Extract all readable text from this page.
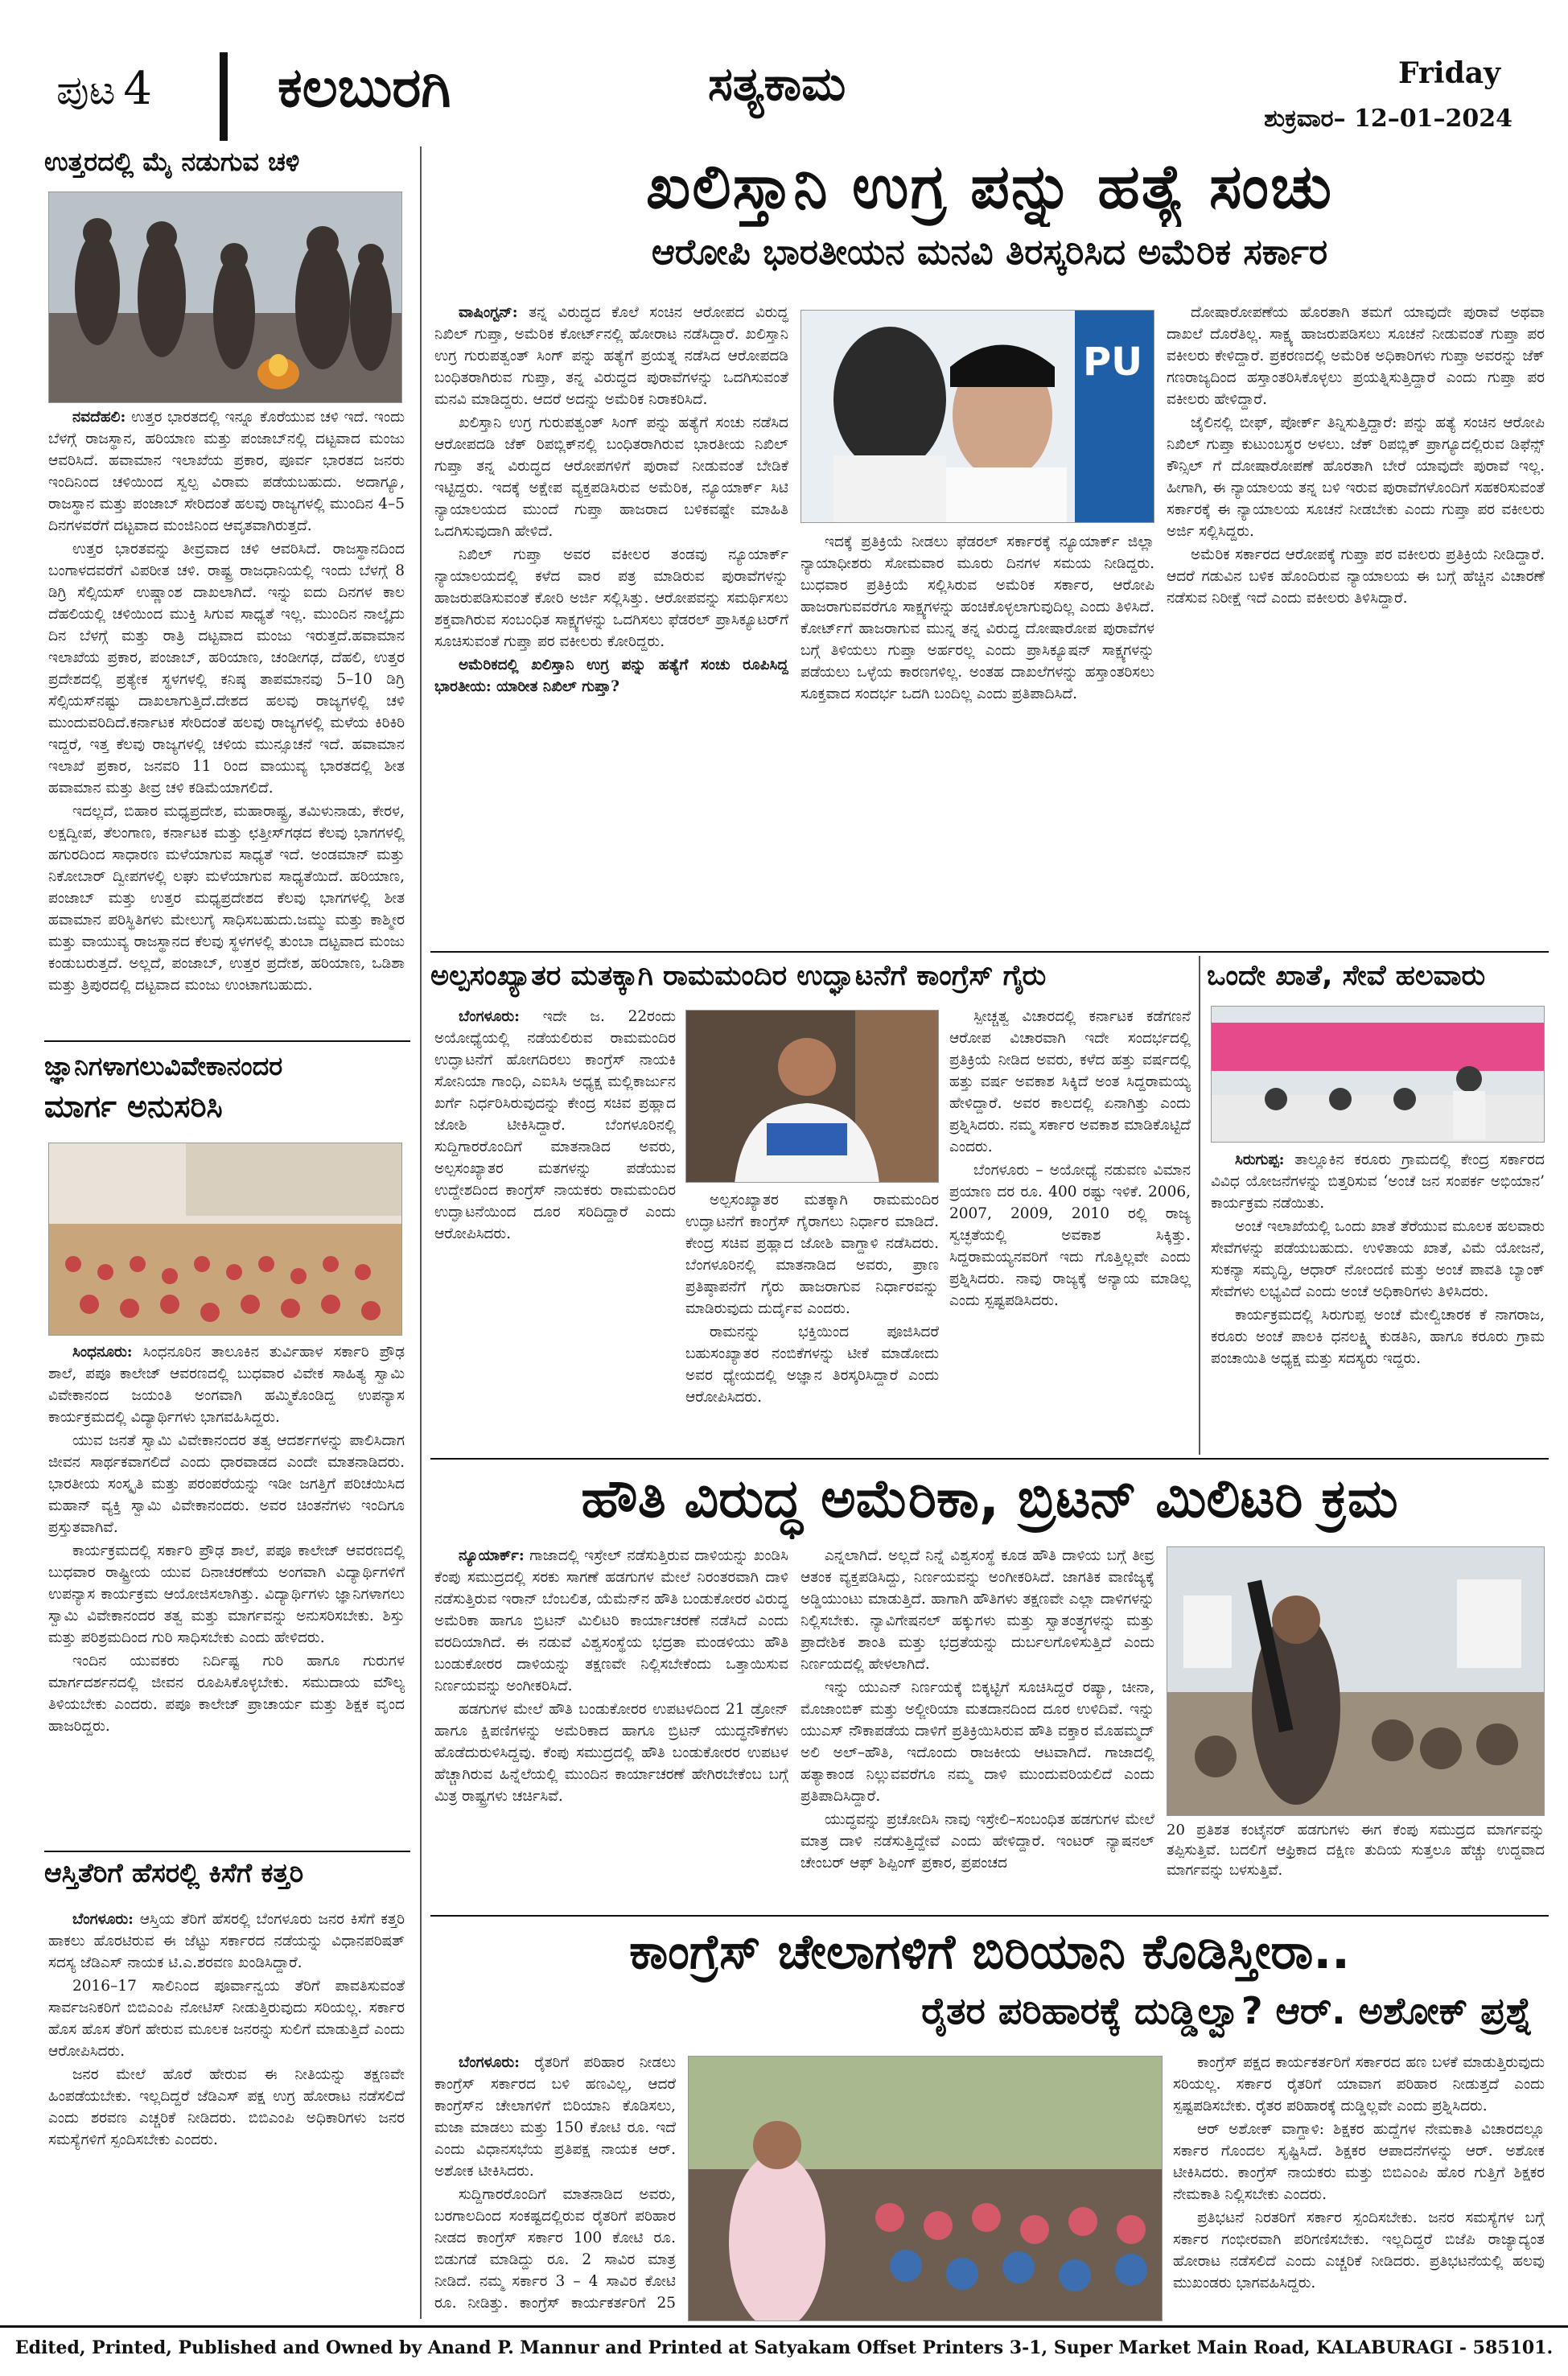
ಪುಟ 4 ಕಲಬುರಗಿ	ಸತ್ಯಕಾಮ	Friday
ಶುಕ್ರವಾರ– 12–01–2024
ಉತ್ತರದಲ್ಲಿ ಮೈ ನಡುಗುವ ಚಳಿ

ನವದೆಹಲಿ: ಉತ್ತರ ಭಾರತದಲ್ಲಿ ಇನ್ನೂ ಕೊರೆಯುವ ಚಳಿ ಇದೆ. ಇಂದು ಬೆಳಗ್ಗೆ ರಾಜಸ್ಥಾನ, ಹರಿಯಾಣ ಮತ್ತು ಪಂಜಾಬ್‌ನಲ್ಲಿ ದಟ್ಟವಾದ ಮಂಜು ಆವರಿಸಿದೆ. ಹವಾಮಾನ ಇಲಾಖೆಯ ಪ್ರಕಾರ, ಪೂರ್ವ ಭಾರತದ ಜನರು ಇಂದಿನಿಂದ ಚಳಿಯಿಂದ ಸ್ವಲ್ಪ ವಿರಾಮ ಪಡೆಯಬಹುದು. ಅದಾಗ್ಯೂ, ರಾಜಸ್ಥಾನ ಮತ್ತು ಪಂಜಾಬ್ ಸೇರಿದಂತೆ ಹಲವು ರಾಜ್ಯಗಳಲ್ಲಿ ಮುಂದಿನ 4–5 ದಿನಗಳವರೆಗೆ ದಟ್ಟವಾದ ಮಂಜಿನಿಂದ ಆವೃತವಾಗಿರುತ್ತದೆ.

ಉತ್ತರ ಭಾರತವನ್ನು ತೀವ್ರವಾದ ಚಳಿ ಆವರಿಸಿದೆ. ರಾಜಸ್ಥಾನದಿಂದ ಬಂಗಾಳದವರೆಗೆ ವಿಪರೀತ ಚಳಿ. ರಾಷ್ಟ್ರ ರಾಜಧಾನಿಯಲ್ಲಿ ಇಂದು ಬೆಳಗ್ಗೆ 8 ಡಿಗ್ರಿ ಸೆಲ್ಸಿಯಸ್ ಉಷ್ಣಾಂಶ ದಾಖಲಾಗಿದೆ. ಇನ್ನು ಐದು ದಿನಗಳ ಕಾಲ ದೆಹಲಿಯಲ್ಲಿ ಚಳಿಯಿಂದ ಮುಕ್ತಿ ಸಿಗುವ ಸಾಧ್ಯತೆ ಇಲ್ಲ. ಮುಂದಿನ ನಾಲ್ಕೈದು ದಿನ ಬೆಳಗ್ಗೆ ಮತ್ತು ರಾತ್ರಿ ದಟ್ಟವಾದ ಮಂಜು ಇರುತ್ತದೆ.ಹವಾಮಾನ ಇಲಾಖೆಯ ಪ್ರಕಾರ, ಪಂಜಾಬ್, ಹರಿಯಾಣ, ಚಂಡೀಗಢ, ದೆಹಲಿ, ಉತ್ತರ ಪ್ರದೇಶದಲ್ಲಿ ಪ್ರತ್ಯೇಕ ಸ್ಥಳಗಳಲ್ಲಿ ಕನಿಷ್ಠ ತಾಪಮಾನವು 5–10 ಡಿಗ್ರಿ ಸೆಲ್ಸಿಯಸ್‌ನಷ್ಟು ದಾಖಲಾಗುತ್ತಿದೆ.ದೇಶದ ಹಲವು ರಾಜ್ಯಗಳಲ್ಲಿ ಚಳಿ ಮುಂದುವರಿದಿದೆ.ಕರ್ನಾಟಕ ಸೇರಿದಂತೆ ಹಲವು ರಾಜ್ಯಗಳಲ್ಲಿ ಮಳೆಯ ಕಿರಿಕಿರಿ ಇದ್ದರೆ, ಇತ್ತ ಕೆಲವು ರಾಜ್ಯಗಳಲ್ಲಿ ಚಳಿಯ ಮುನ್ಸೂಚನೆ ಇದೆ. ಹವಾಮಾನ ಇಲಾಖೆ ಪ್ರಕಾರ, ಜನವರಿ 11 ರಿಂದ ವಾಯುವ್ಯ ಭಾರತದಲ್ಲಿ ಶೀತ ಹವಾಮಾನ ಮತ್ತು ತೀವ್ರ ಚಳಿ ಕಡಿಮೆಯಾಗಲಿದೆ.

ಇದಲ್ಲದೆ, ಬಿಹಾರ ಮಧ್ಯಪ್ರದೇಶ, ಮಹಾರಾಷ್ಟ್ರ, ತಮಿಳುನಾಡು, ಕೇರಳ, ಲಕ್ಷದ್ವೀಪ, ತೆಲಂಗಾಣ, ಕರ್ನಾಟಕ ಮತ್ತು ಛತ್ತೀಸ್‌ಗಢದ ಕೆಲವು ಭಾಗಗಳಲ್ಲಿ ಹಗುರದಿಂದ ಸಾಧಾರಣ ಮಳೆಯಾಗುವ ಸಾಧ್ಯತೆ ಇದೆ. ಅಂಡಮಾನ್ ಮತ್ತು ನಿಕೋಬಾರ್ ದ್ವೀಪಗಳಲ್ಲಿ ಲಘು ಮಳೆಯಾಗುವ ಸಾಧ್ಯತೆಯಿದೆ. ಹರಿಯಾಣ, ಪಂಜಾಬ್ ಮತ್ತು ಉತ್ತರ ಮಧ್ಯಪ್ರದೇಶದ ಕೆಲವು ಭಾಗಗಳಲ್ಲಿ ಶೀತ ಹವಾಮಾನ ಪರಿಸ್ಥಿತಿಗಳು ಮೇಲುಗೈ ಸಾಧಿಸಬಹುದು.ಜಮ್ಮು ಮತ್ತು ಕಾಶ್ಮೀರ ಮತ್ತು ವಾಯುವ್ಯ ರಾಜಸ್ಥಾನದ ಕೆಲವು ಸ್ಥಳಗಳಲ್ಲಿ ತುಂಬಾ ದಟ್ಟವಾದ ಮಂಜು ಕಂಡುಬರುತ್ತದೆ. ಅಲ್ಲದೆ, ಪಂಜಾಬ್, ಉತ್ತರ ಪ್ರದೇಶ, ಹರಿಯಾಣ, ಒಡಿಶಾ ಮತ್ತು ತ್ರಿಪುರದಲ್ಲಿ ದಟ್ಟವಾದ ಮಂಜು ಉಂಟಾಗಬಹುದು.

ಜ್ಞಾನಿಗಳಾಗಲುವಿವೇಕಾನಂದರ
ಮಾರ್ಗ ಅನುಸರಿಸಿ

ಸಿಂಧನೂರು: ಸಿಂಧನೂರಿನ ತಾಲೂಕಿನ ತುರ್ವಿಹಾಳ ಸರ್ಕಾರಿ ಪ್ರೌಢ ಶಾಲೆ, ಪಪೂ ಕಾಲೇಜ್ ಆವರಣದಲ್ಲಿ ಬುಧವಾರ ವಿವೇಕ ಸಾಹಿತ್ಯ ಸ್ವಾಮಿ ವಿವೇಕಾನಂದ ಜಯಂತಿ ಅಂಗವಾಗಿ ಹಮ್ಮಿಕೊಂಡಿದ್ದ ಉಪನ್ಯಾಸ ಕಾರ್ಯಕ್ರಮದಲ್ಲಿ ವಿದ್ಯಾರ್ಥಿಗಳು ಭಾಗವಹಿಸಿದ್ದರು.

ಯುವ ಜನತೆ ಸ್ವಾಮಿ ವಿವೇಕಾನಂದರ ತತ್ವ ಆದರ್ಶಗಳನ್ನು ಪಾಲಿಸಿದಾಗ ಜೀವನ ಸಾರ್ಥಕವಾಗಲಿದೆ ಎಂದು ಧಾರವಾಡದ ಎಂದೇ ಮಾತನಾಡಿದರು. ಭಾರತೀಯ ಸಂಸ್ಕೃತಿ ಮತ್ತು ಪರಂಪರೆಯನ್ನು ಇಡೀ ಜಗತ್ತಿಗೆ ಪರಿಚಯಿಸಿದ ಮಹಾನ್ ವ್ಯಕ್ತಿ ಸ್ವಾಮಿ ವಿವೇಕಾನಂದರು. ಅವರ ಚಿಂತನೆಗಳು ಇಂದಿಗೂ ಪ್ರಸ್ತುತವಾಗಿವೆ.

ಕಾರ್ಯಕ್ರಮದಲ್ಲಿ ಸರ್ಕಾರಿ ಪ್ರೌಢ ಶಾಲೆ, ಪಪೂ ಕಾಲೇಜ್ ಆವರಣದಲ್ಲಿ ಬುಧವಾರ ರಾಷ್ಟ್ರೀಯ ಯುವ ದಿನಾಚರಣೆಯ ಅಂಗವಾಗಿ ವಿದ್ಯಾರ್ಥಿಗಳಿಗೆ ಉಪನ್ಯಾಸ ಕಾರ್ಯಕ್ರಮ ಆಯೋಜಿಸಲಾಗಿತ್ತು. ವಿದ್ಯಾರ್ಥಿಗಳು ಜ್ಞಾನಿಗಳಾಗಲು ಸ್ವಾಮಿ ವಿವೇಕಾನಂದರ ತತ್ವ ಮತ್ತು ಮಾರ್ಗವನ್ನು ಅನುಸರಿಸಬೇಕು. ಶಿಸ್ತು ಮತ್ತು ಪರಿಶ್ರಮದಿಂದ ಗುರಿ ಸಾಧಿಸಬೇಕು ಎಂದು ಹೇಳಿದರು.

ಇಂದಿನ ಯುವಕರು ನಿರ್ದಿಷ್ಟ ಗುರಿ ಹಾಗೂ ಗುರುಗಳ ಮಾರ್ಗದರ್ಶನದಲ್ಲಿ ಜೀವನ ರೂಪಿಸಿಕೊಳ್ಳಬೇಕು. ಸಮುದಾಯ ಮೌಲ್ಯ ತಿಳಿಯಬೇಕು ಎಂದರು. ಪಪೂ ಕಾಲೇಜ್ ಪ್ರಾಚಾರ್ಯ ಮತ್ತು ಶಿಕ್ಷಕ ವೃಂದ ಹಾಜರಿದ್ದರು.

ಆಸ್ತಿತೆರಿಗೆ ಹೆಸರಲ್ಲಿ ಕಿಸೆಗೆ ಕತ್ತರಿ

ಬೆಂಗಳೂರು: ಆಸ್ತಿಯ ತೆರಿಗೆ ಹೆಸರಲ್ಲಿ ಬೆಂಗಳೂರು ಜನರ ಕಿಸೆಗೆ ಕತ್ತರಿ ಹಾಕಲು ಹೊರಟಿರುವ ಈ ಜೆಟ್ಟು ಸರ್ಕಾರದ ನಡೆಯನ್ನು ವಿಧಾನಪರಿಷತ್ ಸದಸ್ಯ ಜೆಡಿಎಸ್ ನಾಯಕ ಟಿ.ಎ.ಶರವಣ ಖಂಡಿಸಿದ್ದಾರೆ.

2016–17 ಸಾಲಿನಿಂದ ಪೂರ್ವಾನ್ವಯ ತೆರಿಗೆ ಪಾವತಿಸುವಂತೆ ಸಾರ್ವಜನಿಕರಿಗೆ ಬಿಬಿಎಂಪಿ ನೋಟಿಸ್ ನೀಡುತ್ತಿರುವುದು ಸರಿಯಲ್ಲ. ಸರ್ಕಾರ ಹೊಸ ಹೊಸ ತೆರಿಗೆ ಹೇರುವ ಮೂಲಕ ಜನರನ್ನು ಸುಲಿಗೆ ಮಾಡುತ್ತಿದೆ ಎಂದು ಆರೋಪಿಸಿದರು.

ಜನರ ಮೇಲೆ ಹೊರೆ ಹೇರುವ ಈ ನೀತಿಯನ್ನು ತಕ್ಷಣವೇ ಹಿಂಪಡೆಯಬೇಕು. ಇಲ್ಲದಿದ್ದರೆ ಜೆಡಿಎಸ್ ಪಕ್ಷ ಉಗ್ರ ಹೋರಾಟ ನಡೆಸಲಿದೆ ಎಂದು ಶರವಣ ಎಚ್ಚರಿಕೆ ನೀಡಿದರು. ಬಿಬಿಎಂಪಿ ಅಧಿಕಾರಿಗಳು ಜನರ ಸಮಸ್ಯೆಗಳಿಗೆ ಸ್ಪಂದಿಸಬೇಕು ಎಂದರು.

ಖಲಿಸ್ತಾನಿ ಉಗ್ರ ಪನ್ನು ಹತ್ಯೆ ಸಂಚು
ಆರೋಪಿ ಭಾರತೀಯನ ಮನವಿ ತಿರಸ್ಕರಿಸಿದ ಅಮೆರಿಕ ಸರ್ಕಾರ

ವಾಷಿಂಗ್ಟನ್: ತನ್ನ ವಿರುದ್ಧದ ಕೊಲೆ ಸಂಚಿನ ಆರೋಪದ ವಿರುದ್ಧ ನಿಖಿಲ್ ಗುಪ್ತಾ, ಅಮೆರಿಕ ಕೋರ್ಟ್‌ನಲ್ಲಿ ಹೋರಾಟ ನಡೆಸಿದ್ದಾರೆ. ಖಲಿಸ್ತಾನಿ ಉಗ್ರ ಗುರುಪತ್ವಂತ್ ಸಿಂಗ್ ಪನ್ನು ಹತ್ಯೆಗೆ ಪ್ರಯತ್ನ ನಡೆಸಿದ ಆರೋಪದಡಿ ಬಂಧಿತರಾಗಿರುವ ಗುಪ್ತಾ, ತನ್ನ ವಿರುದ್ಧದ ಪುರಾವೆಗಳನ್ನು ಒದಗಿಸುವಂತೆ ಮನವಿ ಮಾಡಿದ್ದರು. ಆದರೆ ಅದನ್ನು ಅಮೆರಿಕ ನಿರಾಕರಿಸಿದೆ.

ಖಲಿಸ್ತಾನಿ ಉಗ್ರ ಗುರುಪತ್ವಂತ್ ಸಿಂಗ್ ಪನ್ನು ಹತ್ಯೆಗೆ ಸಂಚು ನಡೆಸಿದ ಆರೋಪದಡಿ ಜೆಕ್ ರಿಪಬ್ಲಿಕ್‌ನಲ್ಲಿ ಬಂಧಿತರಾಗಿರುವ ಭಾರತೀಯ ನಿಖಿಲ್ ಗುಪ್ತಾ ತನ್ನ ವಿರುದ್ಧದ ಆರೋಪಗಳಿಗೆ ಪುರಾವೆ ನೀಡುವಂತೆ ಬೇಡಿಕೆ ಇಟ್ಟಿದ್ದರು. ಇದಕ್ಕೆ ಅಕ್ಷೇಪ ವ್ಯಕ್ತಪಡಿಸಿರುವ ಅಮೆರಿಕ, ನ್ಯೂಯಾರ್ಕ್ ಸಿಟಿ ನ್ಯಾಯಾಲಯದ ಮುಂದೆ ಗುಪ್ತಾ ಹಾಜರಾದ ಬಳಿಕವಷ್ಟೇ ಮಾಹಿತಿ ಒದಗಿಸುವುದಾಗಿ ಹೇಳಿದೆ.

ನಿಖಿಲ್ ಗುಪ್ತಾ ಅವರ ವಕೀಲರ ತಂಡವು ನ್ಯೂಯಾರ್ಕ್ ನ್ಯಾಯಾಲಯದಲ್ಲಿ ಕಳೆದ ವಾರ ಪತ್ರ ಮಾಡಿರುವ ಪುರಾವೆಗಳನ್ನು ಹಾಜರುಪಡಿಸುವಂತೆ ಕೋರಿ ಅರ್ಜಿ ಸಲ್ಲಿಸಿತ್ತು. ಆರೋಪವನ್ನು ಸಮರ್ಥಿಸಲು ಶಕ್ತವಾಗಿರುವ ಸಂಬಂಧಿತ ಸಾಕ್ಷ್ಯಗಳನ್ನು ಒದಗಿಸಲು ಫೆಡರಲ್ ಪ್ರಾಸಿಕ್ಯೂಟರ್‌ಗೆ ಸೂಚಿಸುವಂತೆ ಗುಪ್ತಾ ಪರ ವಕೀಲರು ಕೋರಿದ್ದರು.

ಅಮೆರಿಕದಲ್ಲಿ ಖಲಿಸ್ತಾನಿ ಉಗ್ರ ಪನ್ನು ಹತ್ಯೆಗೆ ಸಂಚು ರೂಪಿಸಿದ್ದ ಭಾರತೀಯ: ಯಾರೀತ ನಿಖಿಲ್ ಗುಪ್ತಾ?

PU

ಇದಕ್ಕೆ ಪ್ರತಿಕ್ರಿಯೆ ನೀಡಲು ಫೆಡರಲ್ ಸರ್ಕಾರಕ್ಕೆ ನ್ಯೂಯಾರ್ಕ್ ಜಿಲ್ಲಾ ನ್ಯಾಯಾಧೀಶರು ಸೋಮವಾರ ಮೂರು ದಿನಗಳ ಸಮಯ ನೀಡಿದ್ದರು. ಬುಧವಾರ ಪ್ರತಿಕ್ರಿಯೆ ಸಲ್ಲಿಸಿರುವ ಅಮೆರಿಕ ಸರ್ಕಾರ, ಆರೋಪಿ ಹಾಜರಾಗುವವರೆಗೂ ಸಾಕ್ಷ್ಯಗಳನ್ನು ಹಂಚಿಕೊಳ್ಳಲಾಗುವುದಿಲ್ಲ ಎಂದು ತಿಳಿಸಿದೆ. ಕೋರ್ಟ್‌ಗೆ ಹಾಜರಾಗುವ ಮುನ್ನ ತನ್ನ ವಿರುದ್ಧ ದೋಷಾರೋಪ ಪುರಾವೆಗಳ ಬಗ್ಗೆ ತಿಳಿಯಲು ಗುಪ್ತಾ ಅರ್ಹರಲ್ಲ ಎಂದು ಪ್ರಾಸಿಕ್ಯೂಷನ್ ಸಾಕ್ಷ್ಯಗಳನ್ನು ಪಡೆಯಲು ಒಳ್ಳೆಯ ಕಾರಣಗಳಿಲ್ಲ. ಅಂತಹ ದಾಖಲೆಗಳನ್ನು ಹಸ್ತಾಂತರಿಸಲು ಸೂಕ್ತವಾದ ಸಂದರ್ಭ ಒದಗಿ ಬಂದಿಲ್ಲ ಎಂದು ಪ್ರತಿಪಾದಿಸಿದೆ.

ದೋಷಾರೋಪಣೆಯ ಹೊರತಾಗಿ ತಮಗೆ ಯಾವುದೇ ಪುರಾವೆ ಅಥವಾ ದಾಖಲೆ ದೊರೆತಿಲ್ಲ. ಸಾಕ್ಷ್ಯ ಹಾಜರುಪಡಿಸಲು ಸೂಚನೆ ನೀಡುವಂತೆ ಗುಪ್ತಾ ಪರ ವಕೀಲರು ಕೇಳಿದ್ದಾರೆ. ಪ್ರಕರಣದಲ್ಲಿ ಅಮೆರಿಕ ಅಧಿಕಾರಿಗಳು ಗುಪ್ತಾ ಅವರನ್ನು ಜೆಕ್ ಗಣರಾಜ್ಯದಿಂದ ಹಸ್ತಾಂತರಿಸಿಕೊಳ್ಳಲು ಪ್ರಯತ್ನಿಸುತ್ತಿದ್ದಾರೆ ಎಂದು ಗುಪ್ತಾ ಪರ ವಕೀಲರು ಹೇಳಿದ್ದಾರೆ.

ಜೈಲಿನಲ್ಲಿ ಬೀಫ್, ಪೋರ್ಕ್ ತಿನ್ನಿಸುತ್ತಿದ್ದಾರೆ: ಪನ್ನು ಹತ್ಯೆ ಸಂಚಿನ ಆರೋಪಿ ನಿಖಿಲ್ ಗುಪ್ತಾ ಕುಟುಂಬಸ್ಥರ ಅಳಲು. ಜೆಕ್ ರಿಪಬ್ಲಿಕ್ ಪ್ರಾಗ್ಯೂದಲ್ಲಿರುವ ಡಿಫೆನ್ಸ್ ಕೌನ್ಸಿಲ್ ಗೆ ದೋಷಾರೋಪಣೆ ಹೊರತಾಗಿ ಬೇರೆ ಯಾವುದೇ ಪುರಾವೆ ಇಲ್ಲ. ಹೀಗಾಗಿ, ಈ ನ್ಯಾಯಾಲಯ ತನ್ನ ಬಳಿ ಇರುವ ಪುರಾವೆಗಳೊಂದಿಗೆ ಸಹಕರಿಸುವಂತೆ ಸರ್ಕಾರಕ್ಕೆ ಈ ನ್ಯಾಯಾಲಯ ಸೂಚನೆ ನೀಡಬೇಕು ಎಂದು ಗುಪ್ತಾ ಪರ ವಕೀಲರು ಅರ್ಜಿ ಸಲ್ಲಿಸಿದ್ದರು.

ಅಮೆರಿಕ ಸರ್ಕಾರದ ಆರೋಪಕ್ಕೆ ಗುಪ್ತಾ ಪರ ವಕೀಲರು ಪ್ರತಿಕ್ರಿಯೆ ನೀಡಿದ್ದಾರೆ. ಆದರೆ ಗಡುವಿನ ಬಳಿಕ ಹೊಂದಿರುವ ನ್ಯಾಯಾಲಯ ಈ ಬಗ್ಗೆ ಹೆಚ್ಚಿನ ವಿಚಾರಣೆ ನಡೆಸುವ ನಿರೀಕ್ಷೆ ಇದೆ ಎಂದು ವಕೀಲರು ತಿಳಿಸಿದ್ದಾರೆ.

ಅಲ್ಪಸಂಖ್ಯಾತರ ಮತಕ್ಕಾಗಿ ರಾಮಮಂದಿರ ಉದ್ಘಾಟನೆಗೆ ಕಾಂಗ್ರೆಸ್ ಗೈರು

ಬೆಂಗಳೂರು: ಇದೇ ಜ. 22ರಂದು ಅಯೋಧ್ಯೆಯಲ್ಲಿ ನಡೆಯಲಿರುವ ರಾಮಮಂದಿರ ಉದ್ಘಾಟನೆಗೆ ಹೋಗದಿರಲು ಕಾಂಗ್ರೆಸ್ ನಾಯಕಿ ಸೋನಿಯಾ ಗಾಂಧಿ, ಎಐಸಿಸಿ ಅಧ್ಯಕ್ಷ ಮಲ್ಲಿಕಾರ್ಜುನ ಖರ್ಗೆ ನಿರ್ಧರಿಸಿರುವುದನ್ನು ಕೇಂದ್ರ ಸಚಿವ ಪ್ರಹ್ಲಾದ ಜೋಶಿ ಟೀಕಿಸಿದ್ದಾರೆ. ಬೆಂಗಳೂರಿನಲ್ಲಿ ಸುದ್ದಿಗಾರರೊಂದಿಗೆ ಮಾತನಾಡಿದ ಅವರು, ಅಲ್ಪಸಂಖ್ಯಾತರ ಮತಗಳನ್ನು ಪಡೆಯುವ ಉದ್ದೇಶದಿಂದ ಕಾಂಗ್ರೆಸ್ ನಾಯಕರು ರಾಮಮಂದಿರ ಉದ್ಘಾಟನೆಯಿಂದ ದೂರ ಸರಿದಿದ್ದಾರೆ ಎಂದು ಆರೋಪಿಸಿದರು.

ಅಲ್ಪಸಂಖ್ಯಾತರ ಮತಕ್ಕಾಗಿ ರಾಮಮಂದಿರ ಉದ್ಘಾಟನೆಗೆ ಕಾಂಗ್ರೆಸ್ ಗೈರಾಗಲು ನಿರ್ಧಾರ ಮಾಡಿದೆ. ಕೇಂದ್ರ ಸಚಿವ ಪ್ರಹ್ಲಾದ ಜೋಶಿ ವಾಗ್ದಾಳಿ ನಡೆಸಿದರು. ಬೆಂಗಳೂರಿನಲ್ಲಿ ಮಾತನಾಡಿದ ಅವರು, ಪ್ರಾಣ ಪ್ರತಿಷ್ಠಾಪನೆಗೆ ಗೈರು ಹಾಜರಾಗುವ ನಿರ್ಧಾರವನ್ನು ಮಾಡಿರುವುದು ದುರ್ದೈವ ಎಂದರು.

ರಾಮನನ್ನು ಭಕ್ತಿಯಿಂದ ಪೂಜಿಸಿದರೆ ಬಹುಸಂಖ್ಯಾತರ ನಂಬಿಕೆಗಳನ್ನು ಟೀಕೆ ಮಾಡೋದು ಅವರ ಧ್ಯೇಯದಲ್ಲಿ ಅಜ್ಞಾನ ತಿರಸ್ಕರಿಸಿದ್ದಾರೆ ಎಂದು ಆರೋಪಿಸಿದರು.

ಸ್ಪೀಚ್ಚತ್ವ ವಿಚಾರದಲ್ಲಿ ಕರ್ನಾಟಕ ಕಡೆಗಣನೆ ಆರೋಪ ವಿಚಾರವಾಗಿ ಇದೇ ಸಂದರ್ಭದಲ್ಲಿ ಪ್ರತಿಕ್ರಿಯೆ ನೀಡಿದ ಅವರು, ಕಳೆದ ಹತ್ತು ವರ್ಷದಲ್ಲಿ ಹತ್ತು ವರ್ಷ ಅವಕಾಶ ಸಿಕ್ಕಿದೆ ಅಂತ ಸಿದ್ದರಾಮಯ್ಯ ಹೇಳಿದ್ದಾರೆ. ಅವರ ಕಾಲದಲ್ಲಿ ಏನಾಗಿತ್ತು ಎಂದು ಪ್ರಶ್ನಿಸಿದರು. ನಮ್ಮ ಸರ್ಕಾರ ಅವಕಾಶ ಮಾಡಿಕೊಟ್ಟಿದೆ ಎಂದರು.

ಬೆಂಗಳೂರು – ಅಯೋಧ್ಯೆ ನಡುವಣ ವಿಮಾನ ಪ್ರಯಾಣ ದರ ರೂ. 400 ರಷ್ಟು ಇಳಿಕೆ. 2006, 2007, 2009, 2010 ರಲ್ಲಿ ರಾಜ್ಯ ಸ್ವಚ್ಛತೆಯಲ್ಲಿ ಅವಕಾಶ ಸಿಕ್ಕಿತ್ತು. ಸಿದ್ದರಾಮಯ್ಯನವರಿಗೆ ಇದು ಗೊತ್ತಿಲ್ಲವೇ ಎಂದು ಪ್ರಶ್ನಿಸಿದರು. ನಾವು ರಾಜ್ಯಕ್ಕೆ ಅನ್ಯಾಯ ಮಾಡಿಲ್ಲ ಎಂದು ಸ್ಪಷ್ಟಪಡಿಸಿದರು.

ಒಂದೇ ಖಾತೆ, ಸೇವೆ ಹಲವಾರು

ಸಿರುಗುಪ್ಪ: ತಾಲ್ಲೂಕಿನ ಕರೂರು ಗ್ರಾಮದಲ್ಲಿ ಕೇಂದ್ರ ಸರ್ಕಾರದ ವಿವಿಧ ಯೋಜನೆಗಳನ್ನು ಬಿತ್ತರಿಸುವ ‘ಅಂಚೆ ಜನ ಸಂಪರ್ಕ ಅಭಿಯಾನ’ ಕಾರ್ಯಕ್ರಮ ನಡೆಯಿತು.

ಅಂಚೆ ಇಲಾಖೆಯಲ್ಲಿ ಒಂದು ಖಾತೆ ತೆರೆಯುವ ಮೂಲಕ ಹಲವಾರು ಸೇವೆಗಳನ್ನು ಪಡೆಯಬಹುದು. ಉಳಿತಾಯ ಖಾತೆ, ವಿಮೆ ಯೋಜನೆ, ಸುಕನ್ಯಾ ಸಮೃದ್ಧಿ, ಆಧಾರ್ ನೋಂದಣಿ ಮತ್ತು ಅಂಚೆ ಪಾವತಿ ಬ್ಯಾಂಕ್ ಸೇವೆಗಳು ಲಭ್ಯವಿದೆ ಎಂದು ಅಂಚೆ ಅಧಿಕಾರಿಗಳು ತಿಳಿಸಿದರು.

ಕಾರ್ಯಕ್ರಮದಲ್ಲಿ ಸಿರುಗುಪ್ಪ ಅಂಚೆ ಮೇಲ್ವಿಚಾರಕ ಕೆ ನಾಗರಾಜ, ಕರೂರು ಅಂಚೆ ಪಾಲಕಿ ಧನಲಕ್ಷ್ಮಿ ಕುಡತಿನಿ, ಹಾಗೂ ಕರೂರು ಗ್ರಾಮ ಪಂಚಾಯಿತಿ ಅಧ್ಯಕ್ಷ ಮತ್ತು ಸದಸ್ಯರು ಇದ್ದರು.

ಹೌತಿ ವಿರುದ್ಧ ಅಮೆರಿಕಾ, ಬ್ರಿಟನ್ ಮಿಲಿಟರಿ ಕ್ರಮ

ನ್ಯೂಯಾರ್ಕ್: ಗಾಜಾದಲ್ಲಿ ಇಸ್ರೇಲ್ ನಡೆಸುತ್ತಿರುವ ದಾಳಿಯನ್ನು ಖಂಡಿಸಿ ಕೆಂಪು ಸಮುದ್ರದಲ್ಲಿ ಸರಕು ಸಾಗಣೆ ಹಡಗುಗಳ ಮೇಲೆ ನಿರಂತರವಾಗಿ ದಾಳಿ ನಡೆಸುತ್ತಿರುವ ಇರಾನ್ ಬೆಂಬಲಿತ, ಯೆಮೆನ್‌ನ ಹೌತಿ ಬಂಡುಕೋರರ ವಿರುದ್ಧ ಅಮೆರಿಕಾ ಹಾಗೂ ಬ್ರಿಟನ್ ಮಿಲಿಟರಿ ಕಾರ್ಯಾಚರಣೆ ನಡೆಸಿದೆ ಎಂದು ವರದಿಯಾಗಿದೆ. ಈ ನಡುವೆ ವಿಶ್ವಸಂಸ್ಥೆಯ ಭದ್ರತಾ ಮಂಡಳಿಯು ಹೌತಿ ಬಂಡುಕೋರರ ದಾಳಿಯನ್ನು ತಕ್ಷಣವೇ ನಿಲ್ಲಿಸಬೇಕೆಂದು ಒತ್ತಾಯಿಸುವ ನಿರ್ಣಯವನ್ನು ಅಂಗೀಕರಿಸಿದೆ.

ಹಡಗುಗಳ ಮೇಲೆ ಹೌತಿ ಬಂಡುಕೋರರ ಉಪಟಳದಿಂದ 21 ಡ್ರೋನ್ ಹಾಗೂ ಕ್ಷಿಪಣಿಗಳನ್ನು ಅಮೆರಿಕಾದ ಹಾಗೂ ಬ್ರಿಟನ್ ಯುದ್ಧನೌಕೆಗಳು ಹೊಡೆದುರುಳಿಸಿದ್ದವು. ಕೆಂಪು ಸಮುದ್ರದಲ್ಲಿ ಹೌತಿ ಬಂಡುಕೋರರ ಉಪಟಳ ಹೆಚ್ಚಾಗಿರುವ ಹಿನ್ನೆಲೆಯಲ್ಲಿ ಮುಂದಿನ ಕಾರ್ಯಾಚರಣೆ ಹೇಗಿರಬೇಕೆಂಬ ಬಗ್ಗೆ ಮಿತ್ರ ರಾಷ್ಟ್ರಗಳು ಚರ್ಚಿಸಿವೆ.

ಎನ್ನಲಾಗಿದೆ. ಅಲ್ಲದೆ ನಿನ್ನೆ ವಿಶ್ವಸಂಸ್ಥೆ ಕೂಡ ಹೌತಿ ದಾಳಿಯ ಬಗ್ಗೆ ತೀವ್ರ ಆತಂಕ ವ್ಯಕ್ತಪಡಿಸಿದ್ದು, ನಿರ್ಣಯವನ್ನು ಅಂಗೀಕರಿಸಿದೆ. ಜಾಗತಿಕ ವಾಣಿಜ್ಯಕ್ಕೆ ಅಡ್ಡಿಯುಂಟು ಮಾಡುತ್ತಿದೆ. ಹಾಗಾಗಿ ಹೌತಿಗಳು ತಕ್ಷಣವೇ ಎಲ್ಲಾ ದಾಳಿಗಳನ್ನು ನಿಲ್ಲಿಸಬೇಕು. ನ್ಯಾವಿಗೇಷನಲ್ ಹಕ್ಕುಗಳು ಮತ್ತು ಸ್ವಾತಂತ್ರ್ಯಗಳನ್ನು ಮತ್ತು ಪ್ರಾದೇಶಿಕ ಶಾಂತಿ ಮತ್ತು ಭದ್ರತೆಯನ್ನು ದುರ್ಬಲಗೊಳಿಸುತ್ತಿದೆ ಎಂದು ನಿರ್ಣಯದಲ್ಲಿ ಹೇಳಲಾಗಿದೆ.

ಇನ್ನು ಯುಎನ್ ನಿರ್ಣಯಕ್ಕೆ ಬಿಕ್ಕಟ್ಟಿಗೆ ಸೂಚಿಸಿದ್ದರೆ ರಷ್ಯಾ, ಚೀನಾ, ಮೊಜಾಂಬಿಕ್ ಮತ್ತು ಅಲ್ಜೀರಿಯಾ ಮತದಾನದಿಂದ ದೂರ ಉಳಿದಿವೆ. ಇನ್ನು ಯುಎಸ್ ನೌಕಾಪಡೆಯ ದಾಳಿಗೆ ಪ್ರತಿಕ್ರಿಯಿಸಿರುವ ಹೌತಿ ವಕ್ತಾರ ಮೊಹಮ್ಮದ್ ಅಲಿ ಅಲ್–ಹೌತಿ, ಇದೊಂದು ರಾಜಕೀಯ ಆಟವಾಗಿದೆ. ಗಾಜಾದಲ್ಲಿ ಹತ್ಯಾಕಾಂಡ ನಿಲ್ಲುವವರೆಗೂ ನಮ್ಮ ದಾಳಿ ಮುಂದುವರಿಯಲಿದೆ ಎಂದು ಪ್ರತಿಪಾದಿಸಿದ್ದಾರೆ.

ಯುದ್ಧವನ್ನು ಪ್ರಚೋದಿಸಿ ನಾವು ಇಸ್ರೇಲಿ–ಸಂಬಂಧಿತ ಹಡಗುಗಳ ಮೇಲೆ ಮಾತ್ರ ದಾಳಿ ನಡೆಸುತ್ತಿದ್ದೇವೆ ಎಂದು ಹೇಳಿದ್ದಾರೆ. ಇಂಟರ್ ನ್ಯಾಷನಲ್ ಚೇಂಬರ್ ಆಫ್ ಶಿಪ್ಪಿಂಗ್ ಪ್ರಕಾರ, ಪ್ರಪಂಚದ

20 ಪ್ರತಿಶತ ಕಂಟೈನರ್ ಹಡಗುಗಳು ಈಗ ಕೆಂಪು ಸಮುದ್ರದ ಮಾರ್ಗವನ್ನು ತಪ್ಪಿಸುತ್ತಿವೆ. ಬದಲಿಗೆ ಆಫ್ರಿಕಾದ ದಕ್ಷಿಣ ತುದಿಯ ಸುತ್ತಲೂ ಹೆಚ್ಚು ಉದ್ದವಾದ ಮಾರ್ಗವನ್ನು ಬಳಸುತ್ತಿವೆ.

ಕಾಂಗ್ರೆಸ್ ಚೇಲಾಗಳಿಗೆ ಬಿರಿಯಾನಿ ಕೊಡಿಸ್ತೀರಾ..
ರೈತರ ಪರಿಹಾರಕ್ಕೆ ದುಡ್ಡಿಲ್ವಾ? ಆರ್. ಅಶೋಕ್ ಪ್ರಶ್ನೆ

ಬೆಂಗಳೂರು: ರೈತರಿಗೆ ಪರಿಹಾರ ನೀಡಲು ಕಾಂಗ್ರೆಸ್ ಸರ್ಕಾರದ ಬಳಿ ಹಣವಿಲ್ಲ, ಆದರೆ ಕಾಂಗ್ರೆಸ್‌ನ ಚೇಲಾಗಳಿಗೆ ಬಿರಿಯಾನಿ ಕೊಡಿಸಲು, ಮಜಾ ಮಾಡಲು ಮತ್ತು 150 ಕೋಟಿ ರೂ. ಇದೆ ಎಂದು ವಿಧಾನಸಭೆಯ ಪ್ರತಿಪಕ್ಷ ನಾಯಕ ಆರ್. ಅಶೋಕ ಟೀಕಿಸಿದರು.

ಸುದ್ದಿಗಾರರೊಂದಿಗೆ ಮಾತನಾಡಿದ ಅವರು, ಬರಗಾಲದಿಂದ ಸಂಕಷ್ಟದಲ್ಲಿರುವ ರೈತರಿಗೆ ಪರಿಹಾರ ನೀಡದ ಕಾಂಗ್ರೆಸ್ ಸರ್ಕಾರ 100 ಕೋಟಿ ರೂ. ಬಿಡುಗಡೆ ಮಾಡಿದ್ದು ರೂ. 2 ಸಾವಿರ ಮಾತ್ರ ನೀಡಿದೆ. ನಮ್ಮ ಸರ್ಕಾರ 3 – 4 ಸಾವಿರ ಕೋಟಿ ರೂ. ನೀಡಿತ್ತು. ಕಾಂಗ್ರೆಸ್ ಕಾರ್ಯಕರ್ತರಿಗೆ 25

ಕಾಂಗ್ರೆಸ್ ಪಕ್ಷದ ಕಾರ್ಯಕರ್ತರಿಗೆ ಸರ್ಕಾರದ ಹಣ ಬಳಕೆ ಮಾಡುತ್ತಿರುವುದು ಸರಿಯಲ್ಲ. ಸರ್ಕಾರ ರೈತರಿಗೆ ಯಾವಾಗ ಪರಿಹಾರ ನೀಡುತ್ತದೆ ಎಂದು ಸ್ಪಷ್ಟಪಡಿಸಬೇಕು. ರೈತರ ಪರಿಹಾರಕ್ಕೆ ದುಡ್ಡಿಲ್ಲವೇ ಎಂದು ಪ್ರಶ್ನಿಸಿದರು.

ಆರ್ ಅಶೋಕ್ ವಾಗ್ದಾಳಿ: ಶಿಕ್ಷಕರ ಹುದ್ದೆಗಳ ನೇಮಕಾತಿ ವಿಚಾರದಲ್ಲೂ ಸರ್ಕಾರ ಗೊಂದಲ ಸೃಷ್ಟಿಸಿದೆ. ಶಿಕ್ಷಕರ ಆಪಾದನೆಗಳನ್ನು ಆರ್. ಅಶೋಕ ಟೀಕಿಸಿದರು. ಕಾಂಗ್ರೆಸ್ ನಾಯಕರು ಮತ್ತು ಬಿಬಿಎಂಪಿ ಹೊರ ಗುತ್ತಿಗೆ ಶಿಕ್ಷಕರ ನೇಮಕಾತಿ ನಿಲ್ಲಿಸಬೇಕು ಎಂದರು.

ಪ್ರತಿಭಟನೆ ನಿರತರಿಗೆ ಸರ್ಕಾರ ಸ್ಪಂದಿಸಬೇಕು. ಜನರ ಸಮಸ್ಯೆಗಳ ಬಗ್ಗೆ ಸರ್ಕಾರ ಗಂಭೀರವಾಗಿ ಪರಿಗಣಿಸಬೇಕು. ಇಲ್ಲದಿದ್ದರೆ ಬಿಜೆಪಿ ರಾಜ್ಯಾದ್ಯಂತ ಹೋರಾಟ ನಡೆಸಲಿದೆ ಎಂದು ಎಚ್ಚರಿಕೆ ನೀಡಿದರು. ಪ್ರತಿಭಟನೆಯಲ್ಲಿ ಹಲವು ಮುಖಂಡರು ಭಾಗವಹಿಸಿದ್ದರು.

Edited, Printed, Published and Owned by Anand P. Mannur and Printed at Satyakam Offset Printers 3-1, Super Market Main Road, KALABURAGI - 585101.
